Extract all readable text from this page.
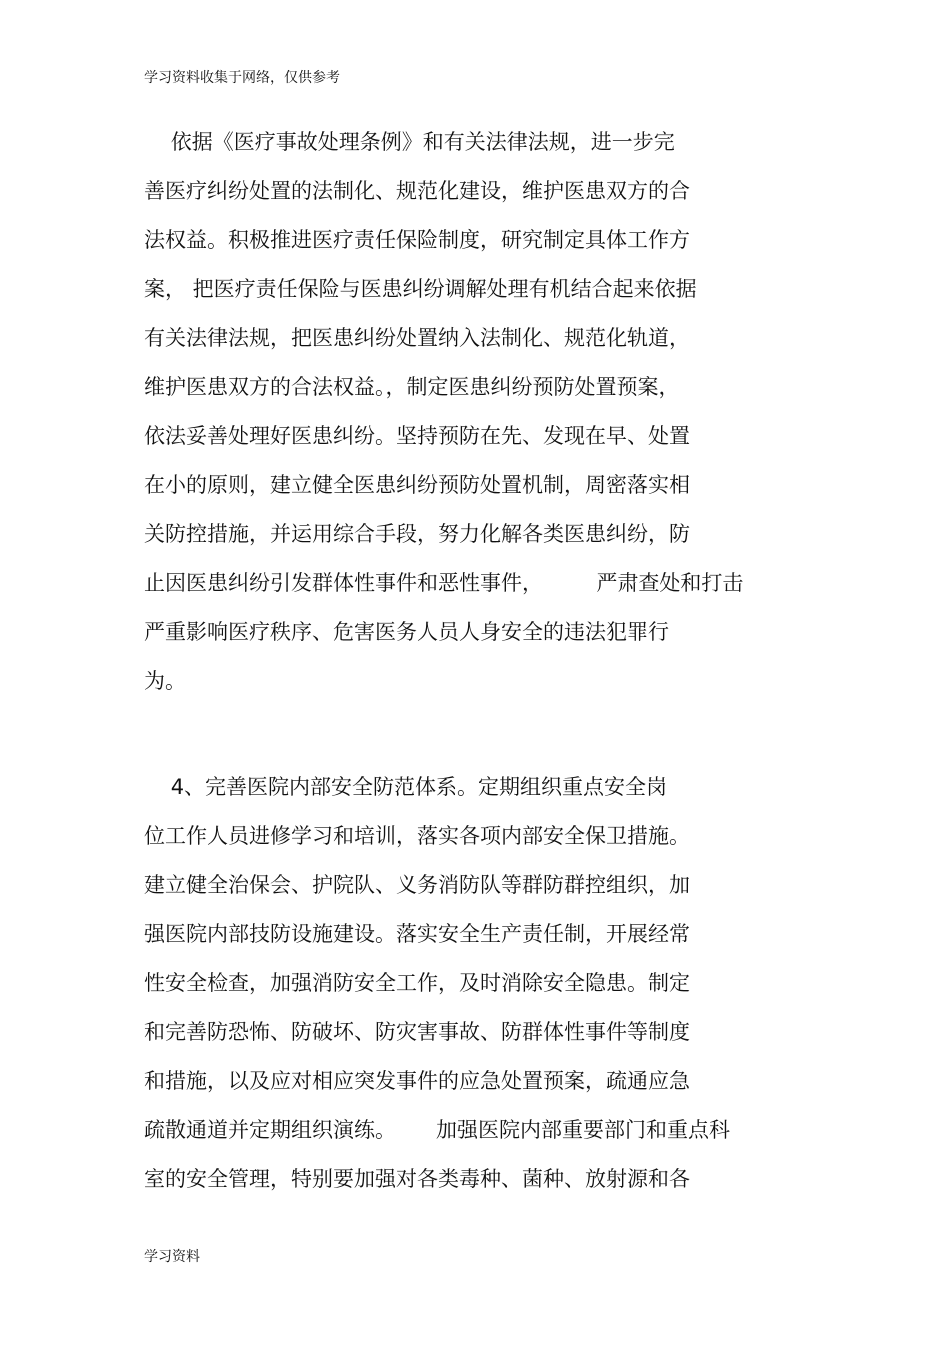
学习资料收集于网络，仅供参考
依据《医疗事故处理条例》和有关法律法规，进一步完
善医疗纠纷处置的法制化、规范化建设，维护医患双方的合
法权益。积极推进医疗责任保险制度，研究制定具体工作方
案， 把医疗责任保险与医患纠纷调解处理有机结合起来依据
有关法律法规，把医患纠纷处置纳入法制化、规范化轨道，
维护医患双方的合法权益。，制定医患纠纷预防处置预案，
依法妥善处理好医患纠纷。坚持预防在先、发现在早、处置
在小的原则，建立健全医患纠纷预防处置机制，周密落实相
关防控措施，并运用综合手段，努力化解各类医患纠纷，防
止因医患纠纷引发群体性事件和恶性事件，        严肃查处和打击
严重影响医疗秩序、危害医务人员人身安全的违法犯罪行
为。
4、完善医院内部安全防范体系。定期组织重点安全岗
位工作人员进修学习和培训，落实各项内部安全保卫措施。
建立健全治保会、护院队、义务消防队等群防群控组织，加
强医院内部技防设施建设。落实安全生产责任制，开展经常
性安全检查，加强消防安全工作，及时消除安全隐患。制定
和完善防恐怖、防破坏、防灾害事故、防群体性事件等制度
和措施，以及应对相应突发事件的应急处置预案，疏通应急
疏散通道并定期组织演练。      加强医院内部重要部门和重点科
室的安全管理，特别要加强对各类毒种、菌种、放射源和各
学习资料
